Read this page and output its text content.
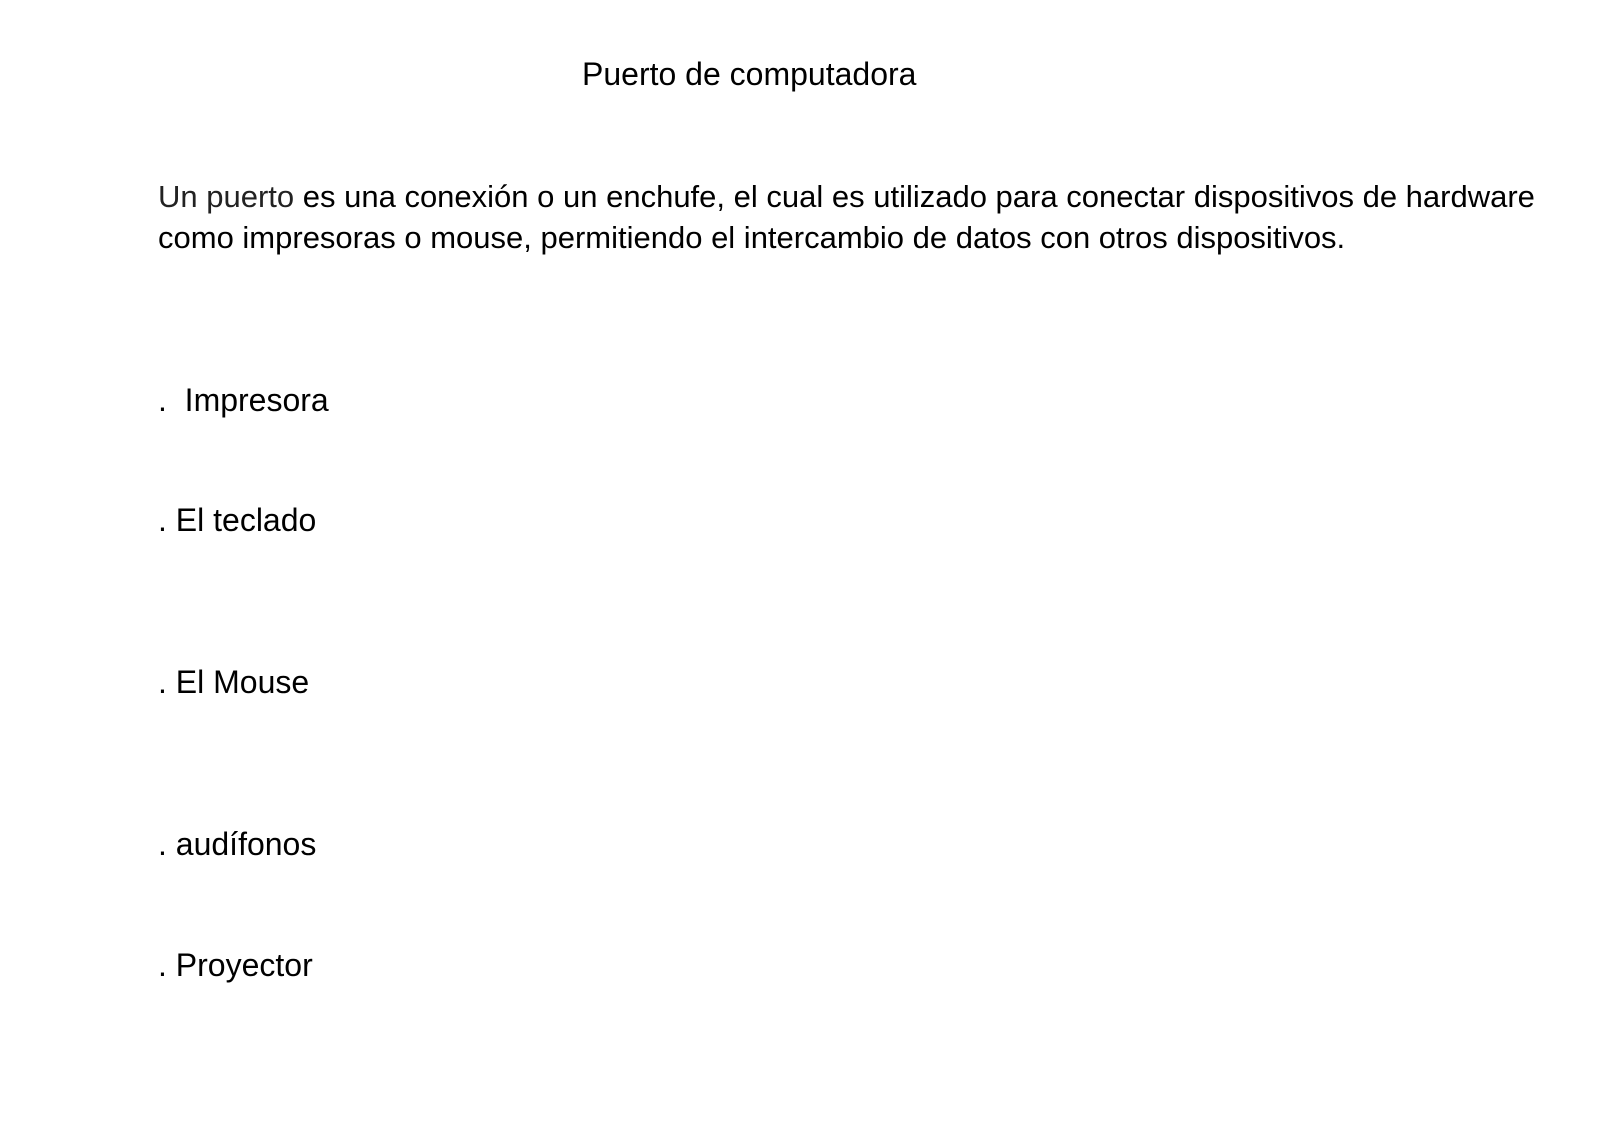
Puerto de computadora

Un puerto es una conexión o un enchufe, el cual es utilizado para conectar dispositivos de hardware como impresoras o mouse, permitiendo el intercambio de datos con otros dispositivos.

.  Impresora
. El teclado
. El Mouse
. audífonos
. Proyector
